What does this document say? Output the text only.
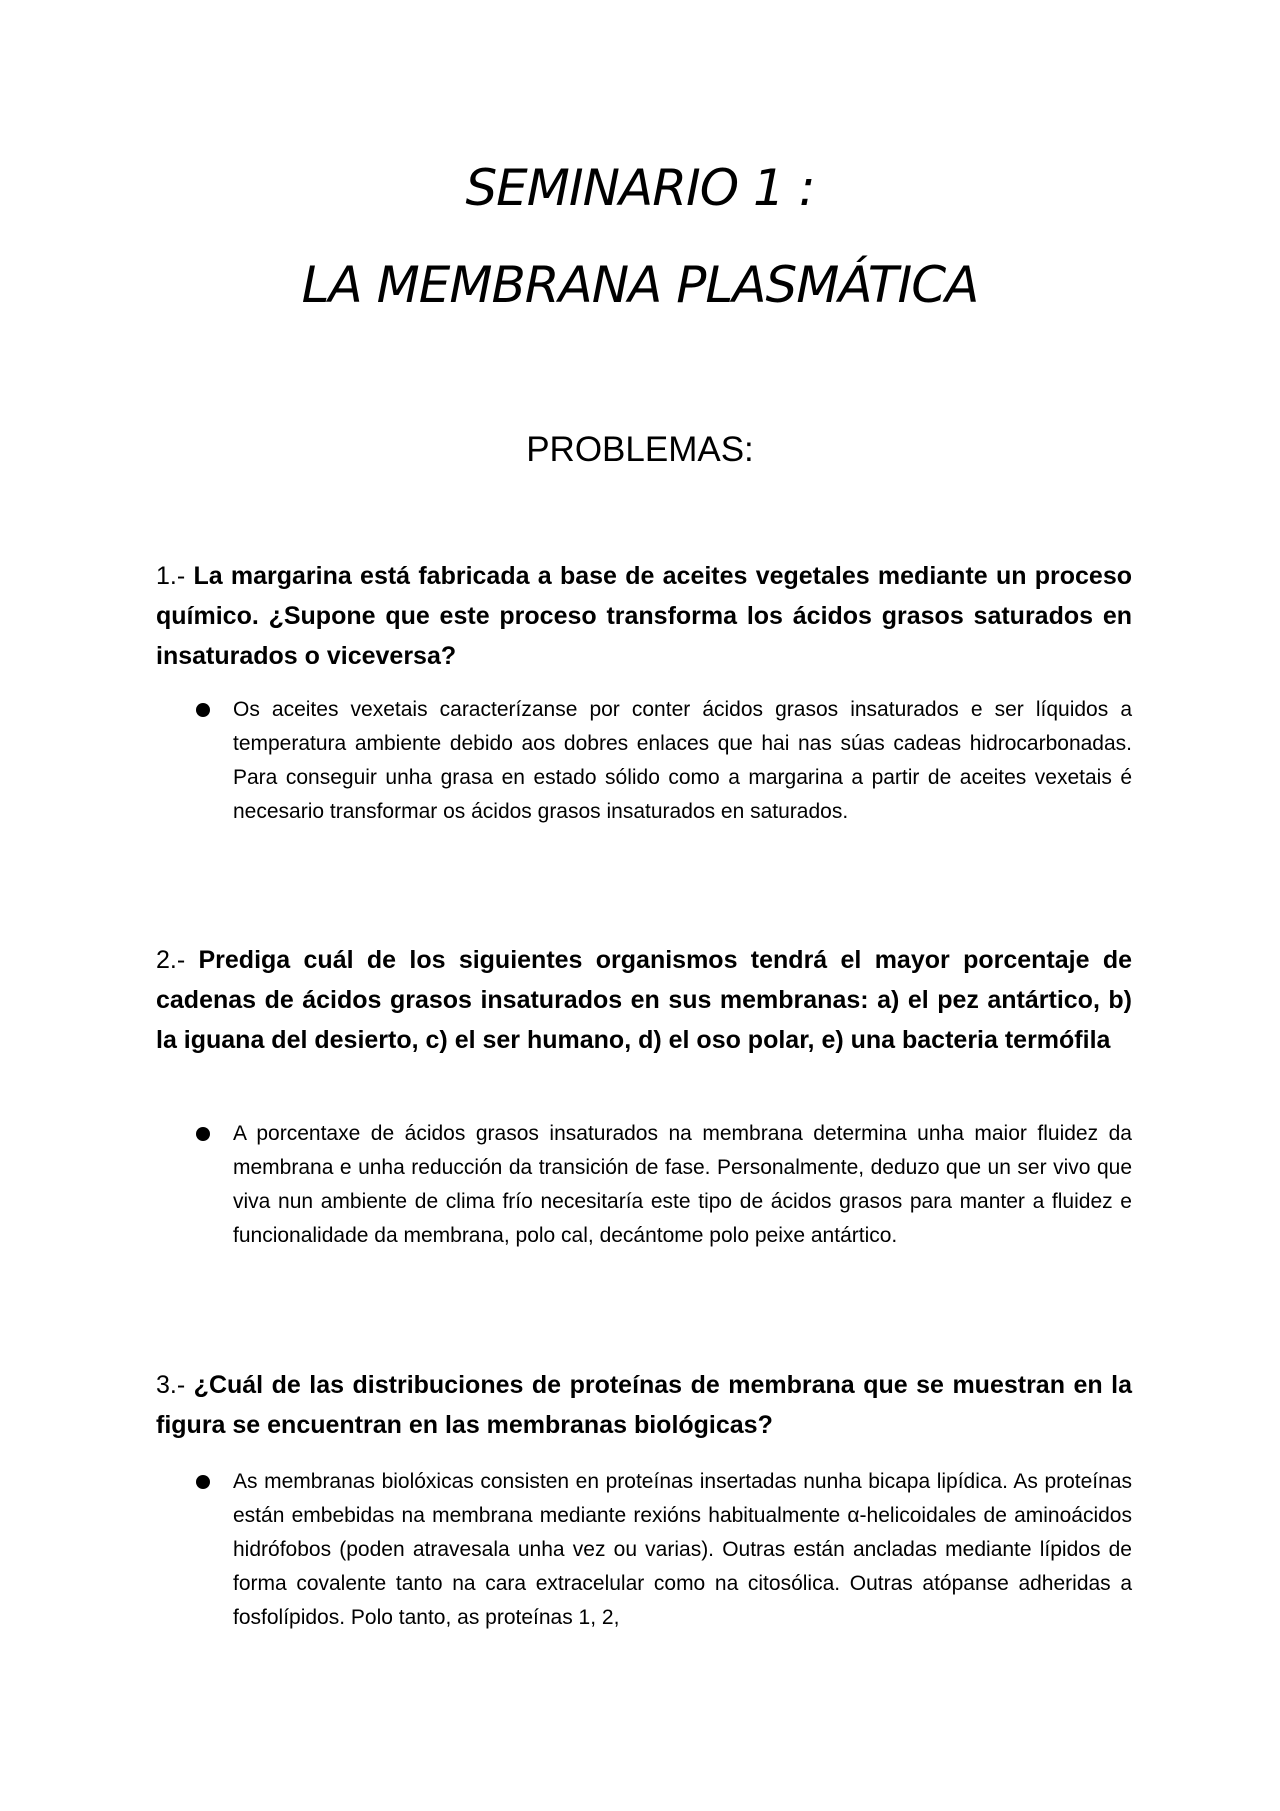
SEMINARIO 1 :
LA MEMBRANA PLASMÁTICA
PROBLEMAS:
1.- La margarina está fabricada a base de aceites vegetales mediante un proceso químico. ¿Supone que este proceso transforma los ácidos grasos saturados en insaturados o viceversa?
Os aceites vexetais caracterízanse por conter ácidos grasos insaturados e ser líquidos a temperatura ambiente debido aos dobres enlaces que hai nas súas cadeas hidrocarbonadas. Para conseguir unha grasa en estado sólido como a margarina a partir de aceites vexetais é necesario transformar os ácidos grasos insaturados en saturados.
2.- Prediga cuál de los siguientes organismos tendrá el mayor porcentaje de cadenas de ácidos grasos insaturados en sus membranas: a) el pez antártico, b) la iguana del desierto, c) el ser humano, d) el oso polar, e) una bacteria termófila
A porcentaxe de ácidos grasos insaturados na membrana determina unha maior fluidez da membrana e unha reducción da transición de fase. Personalmente, deduzo que un ser vivo que viva nun ambiente de clima frío necesitaría este tipo de ácidos grasos para manter a fluidez e funcionalidade da membrana, polo cal, decántome polo peixe antártico.
3.- ¿Cuál de las distribuciones de proteínas de membrana que se muestran en la figura se encuentran en las membranas biológicas?
As membranas biolóxicas consisten en proteínas insertadas nunha bicapa lipídica. As proteínas están embebidas na membrana mediante rexións habitualmente α-helicoidales de aminoácidos hidrófobos (poden atravesala unha vez ou varias). Outras están ancladas mediante lípidos de forma covalente tanto na cara extracelular como na citosólica. Outras atópanse adheridas a fosfolípidos. Polo tanto, as proteínas 1, 2,
